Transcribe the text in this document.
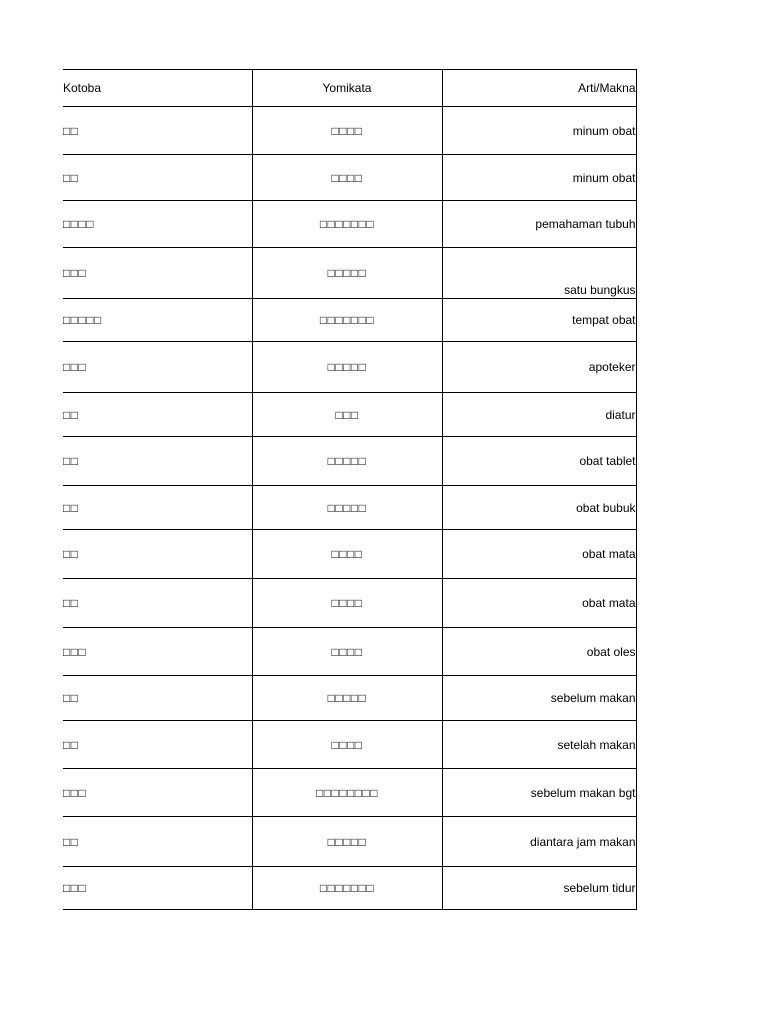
Kotoba	Yomikata	Arti/Makna
□□	□□□□	minum obat
□□	□□□□	minum obat
□□□□	□□□□□□□	pemahaman tubuh
□□□	□□□□□	satu bungkus
□□□□□	□□□□□□□	tempat obat
□□□	□□□□□	apoteker
□□	□□□	diatur
□□	□□□□□	obat tablet
□□	□□□□□	obat bubuk
□□	□□□□	obat mata
□□	□□□□	obat mata
□□□	□□□□	obat oles
□□	□□□□□	sebelum makan
□□	□□□□	setelah makan
□□□	□□□□□□□□	sebelum makan bgt
□□	□□□□□	diantara jam makan
□□□	□□□□□□□	sebelum tidur
